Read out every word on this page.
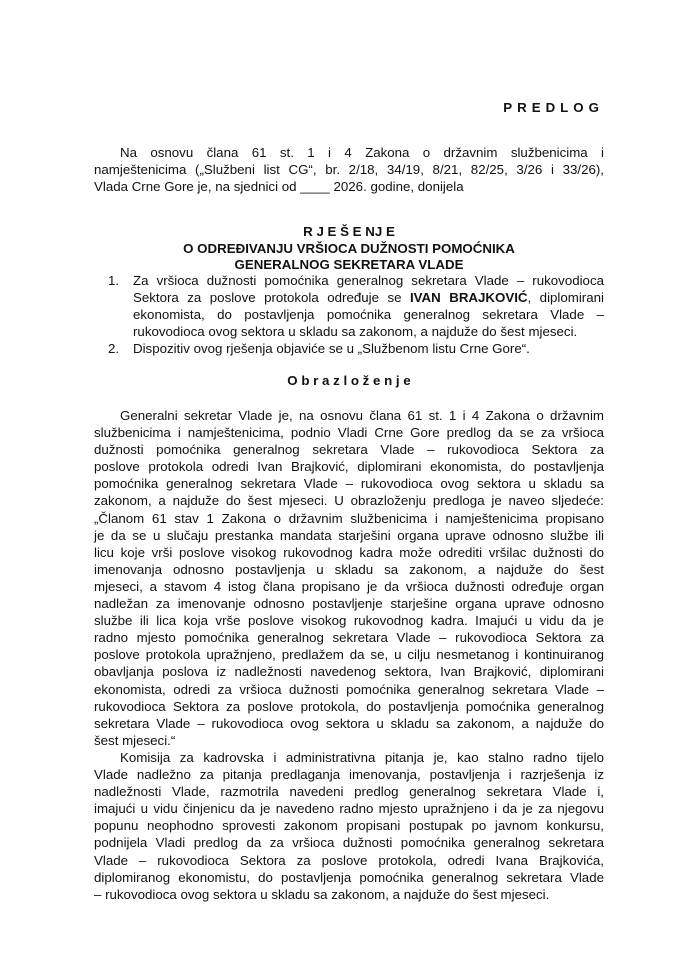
PREDLOG
Na osnovu člana 61 st. 1 i 4 Zakona o državnim službenicima i
namještenicima („Službeni list CG“, br. 2/18, 34/19, 8/21, 82/25, 3/26 i 33/26),
Vlada Crne Gore je, na sjednici od ____ 2026. godine, donijela
R J E Š E NJ E
O ODREĐIVANJU VRŠIOCA DUŽNOSTI POMOĆNIKA
GENERALNOG SEKRETARA VLADE
1.	Za vršioca dužnosti pomoćnika generalnog sekretara Vlade – rukovodioca Sektora za poslove protokola određuje se IVAN BRAJKOVIĆ, diplomirani ekonomista, do postavljenja pomoćnika generalnog sekretara Vlade – rukovodioca ovog sektora u skladu sa zakonom, a najduže do šest mjeseci.
2.	Dispozitiv ovog rješenja objaviće se u „Službenom listu Crne Gore“.
O b r a z l o ž e n j e
Generalni sekretar Vlade je, na osnovu člana 61 st. 1 i 4 Zakona o državnim
službenicima i namještenicima, podnio Vladi Crne Gore predlog da se za vršioca
dužnosti pomoćnika generalnog sekretara Vlade – rukovodioca Sektora za
poslove protokola odredi Ivan Brajković, diplomirani ekonomista, do postavljenja
pomoćnika generalnog sekretara Vlade – rukovodioca ovog sektora u skladu sa
zakonom, a najduže do šest mjeseci. U obrazloženju predloga je naveo sljedeće:
„Članom 61 stav 1 Zakona o državnim službenicima i namještenicima propisano
je da se u slučaju prestanka mandata starješini organa uprave odnosno službe ili
licu koje vrši poslove visokog rukovodnog kadra može odrediti vršilac dužnosti do
imenovanja odnosno postavljenja u skladu sa zakonom, a najduže do šest
mjeseci, a stavom 4 istog člana propisano je da vršioca dužnosti određuje organ
nadležan za imenovanje odnosno postavljenje starješine organa uprave odnosno
službe ili lica koja vrše poslove visokog rukovodnog kadra. Imajući u vidu da je
radno mjesto pomoćnika generalnog sekretara Vlade – rukovodioca Sektora za
poslove protokola upražnjeno, predlažem da se, u cilju nesmetanog i kontinuiranog
obavljanja poslova iz nadležnosti navedenog sektora, Ivan Brajković, diplomirani
ekonomista, odredi za vršioca dužnosti pomoćnika generalnog sekretara Vlade –
rukovodioca Sektora za poslove protokola, do postavljenja pomoćnika generalnog
sekretara Vlade – rukovodioca ovog sektora u skladu sa zakonom, a najduže do
šest mjeseci.“
Komisija za kadrovska i administrativna pitanja je, kao stalno radno tijelo
Vlade nadležno za pitanja predlaganja imenovanja, postavljenja i razrješenja iz
nadležnosti Vlade, razmotrila navedeni predlog generalnog sekretara Vlade i,
imajući u vidu činjenicu da je navedeno radno mjesto upražnjeno i da je za njegovu
popunu neophodno sprovesti zakonom propisani postupak po javnom konkursu,
podnijela Vladi predlog da za vršioca dužnosti pomoćnika generalnog sekretara
Vlade – rukovodioca Sektora za poslove protokola, odredi Ivana Brajkovića,
diplomiranog ekonomistu, do postavljenja pomoćnika generalnog sekretara Vlade
– rukovodioca ovog sektora u skladu sa zakonom, a najduže do šest mjeseci.
